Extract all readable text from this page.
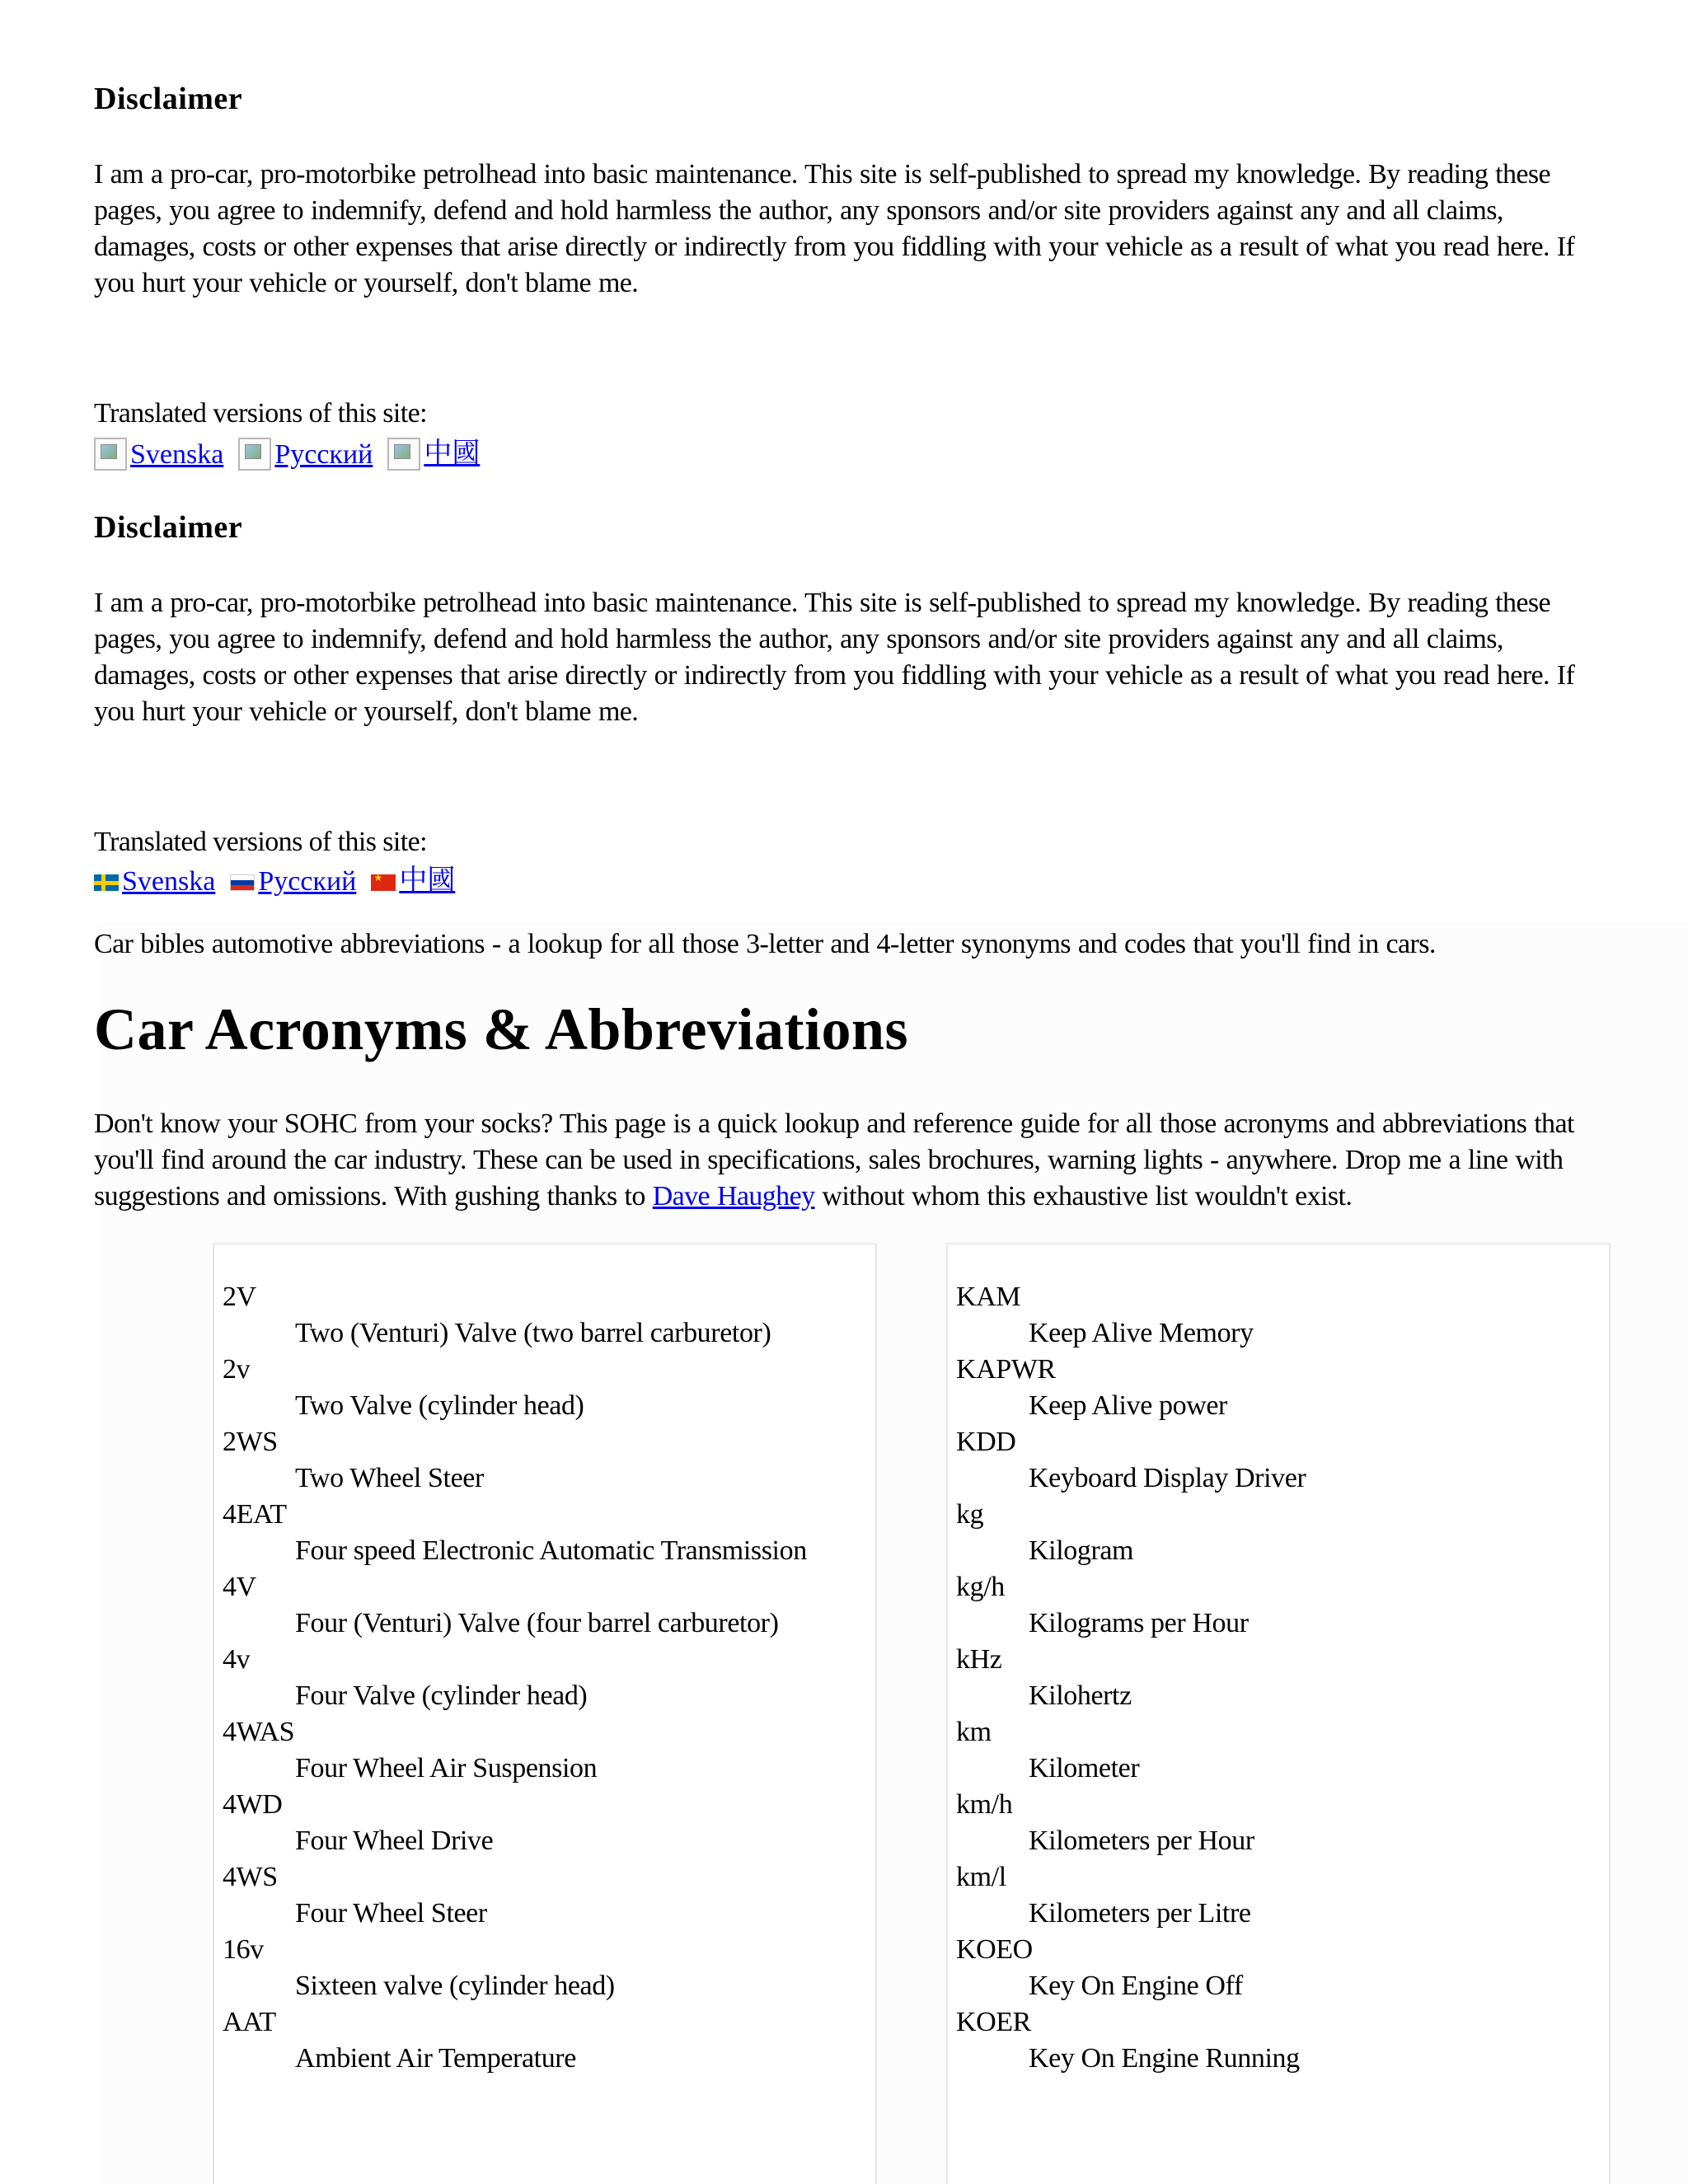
Disclaimer
I am a pro-car, pro-motorbike petrolhead into basic maintenance. This site is self-published to spread my knowledge. By reading these
pages, you agree to indemnify, defend and hold harmless the author, any sponsors and/or site providers against any and all claims,
damages, costs or other expenses that arise directly or indirectly from you fiddling with your vehicle as a result of what you read here. If
you hurt your vehicle or yourself, don't blame me.
Translated versions of this site:
Svenska Русский 中國
Disclaimer
I am a pro-car, pro-motorbike petrolhead into basic maintenance. This site is self-published to spread my knowledge. By reading these
pages, you agree to indemnify, defend and hold harmless the author, any sponsors and/or site providers against any and all claims,
damages, costs or other expenses that arise directly or indirectly from you fiddling with your vehicle as a result of what you read here. If
you hurt your vehicle or yourself, don't blame me.
Translated versions of this site:
Svenska Русский
★ 中國
Car bibles automotive abbreviations - a lookup for all those 3-letter and 4-letter synonyms and codes that you'll find in cars.
Car Acronyms & Abbreviations
Don't know your SOHC from your socks? This page is a quick lookup and reference guide for all those acronyms and abbreviations that
you'll find around the car industry. These can be used in specifications, sales brochures, warning lights - anywhere. Drop me a line with
suggestions and omissions. With gushing thanks to Dave Haughey without whom this exhaustive list wouldn't exist.
2V
Two (Venturi) Valve (two barrel carburetor)
2v
Two Valve (cylinder head)
2WS
Two Wheel Steer
4EAT
Four speed Electronic Automatic Transmission
4V
Four (Venturi) Valve (four barrel carburetor)
4v
Four Valve (cylinder head)
4WAS
Four Wheel Air Suspension
4WD
Four Wheel Drive
4WS
Four Wheel Steer
16v
Sixteen valve (cylinder head)
AAT
Ambient Air Temperature
KAM
Keep Alive Memory
KAPWR
Keep Alive power
KDD
Keyboard Display Driver
kg
Kilogram
kg/h
Kilograms per Hour
kHz
Kilohertz
km
Kilometer
km/h
Kilometers per Hour
km/l
Kilometers per Litre
KOEO
Key On Engine Off
KOER
Key On Engine Running
